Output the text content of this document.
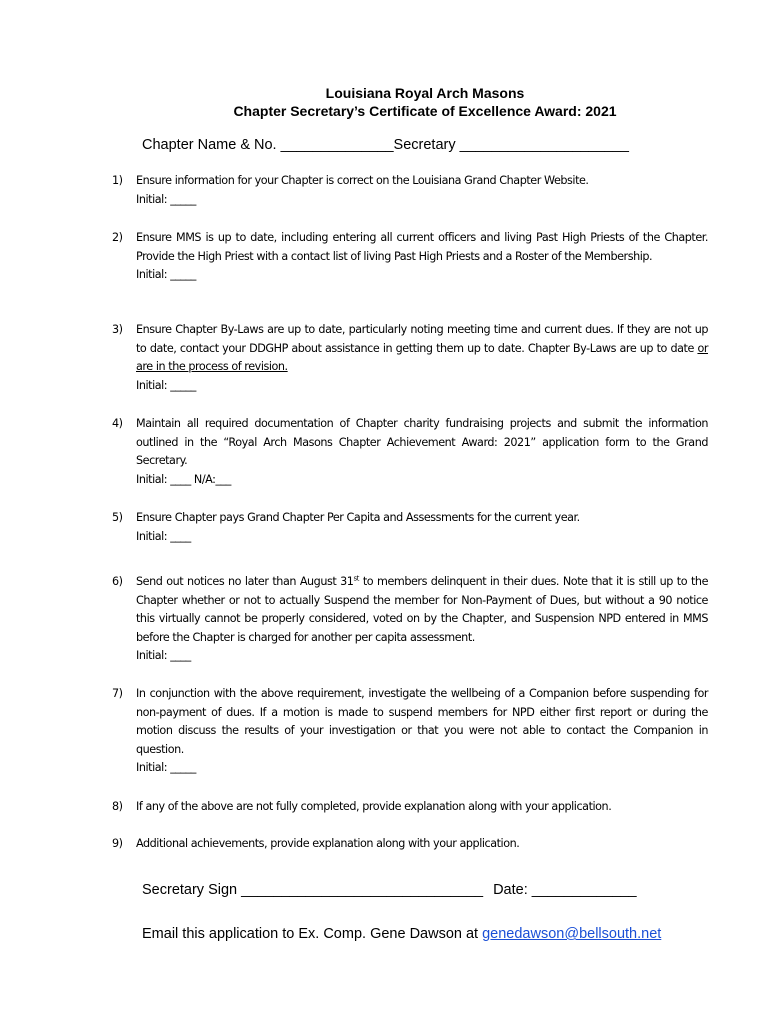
Louisiana Royal Arch Masons
Chapter Secretary’s Certificate of Excellence Award: 2021
Chapter Name & No. ______________Secretary _____________________
1)	Ensure information for your Chapter is correct on the Louisiana Grand Chapter Website.
Initial: _____
2)	Ensure MMS is up to date, including entering all current officers and living Past High Priests of the Chapter. Provide the High Priest with a contact list of living Past High Priests and a Roster of the Membership.
Initial: _____
3)	Ensure Chapter By-Laws are up to date, particularly noting meeting time and current dues. If they are not up to date, contact your DDGHP about assistance in getting them up to date. Chapter By-Laws are up to date or are in the process of revision.
Initial: _____
4)	Maintain all required documentation of Chapter charity fundraising projects and submit the information outlined in the “Royal Arch Masons Chapter Achievement Award: 2021” application form to the Grand Secretary.
Initial: ____ N/A:___
5)	Ensure Chapter pays Grand Chapter Per Capita and Assessments for the current year.
Initial: ____
6)	Send out notices no later than August 31st to members delinquent in their dues. Note that it is still up to the Chapter whether or not to actually Suspend the member for Non-Payment of Dues, but without a 90 notice this virtually cannot be properly considered, voted on by the Chapter, and Suspension NPD entered in MMS before the Chapter is charged for another per capita assessment.
Initial: ____
7)	In conjunction with the above requirement, investigate the wellbeing of a Companion before suspending for non-payment of dues. If a motion is made to suspend members for NPD either first report or during the motion discuss the results of your investigation or that you were not able to contact the Companion in question.
Initial: _____
8)	If any of the above are not fully completed, provide explanation along with your application.
9)	Additional achievements, provide explanation along with your application.
Secretary Sign ______________________________ Date: _____________
Email this application to Ex. Comp. Gene Dawson at genedawson@bellsouth.net
